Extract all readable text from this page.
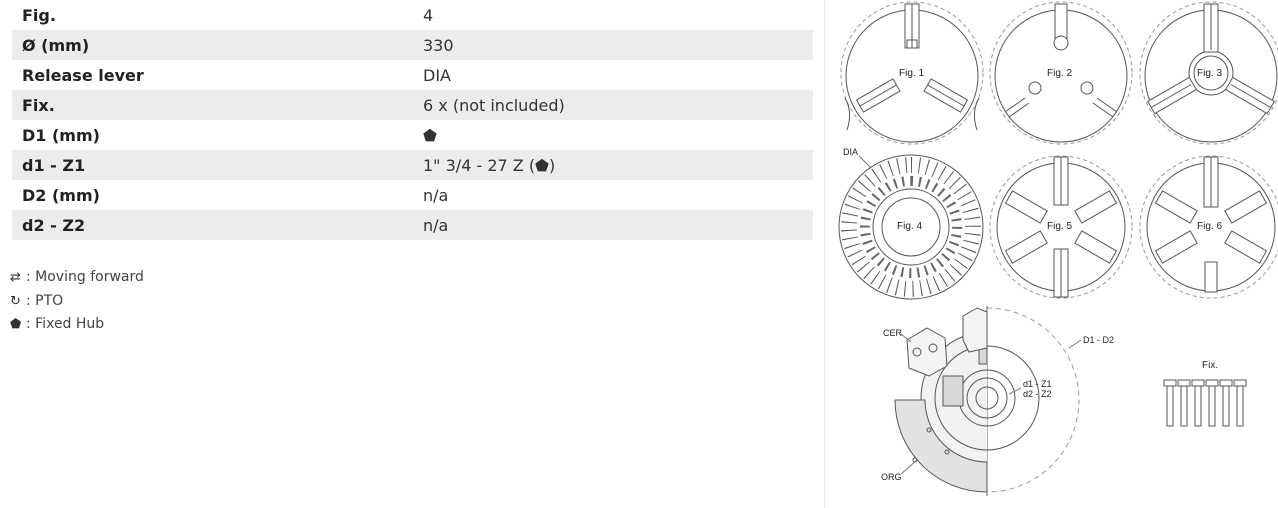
Fig.	4
Ø (mm)	330
Release lever	DIA
Fix.	6 x (not included)
D1 (mm)	⬟
d1 - Z1	1" 3/4 - 27 Z (⬟)
D2 (mm)	n/a
d2 - Z2	n/a
⇄ : Moving forward
↻ : PTO
⬟ : Fixed Hub
Fig. 1	Fig. 2	Fig. 3
DIA
Fig. 4	Fig. 5	Fig. 6
CER
ORG
D1 - D2
d1 - Z1
d2 - Z2
Fix.
